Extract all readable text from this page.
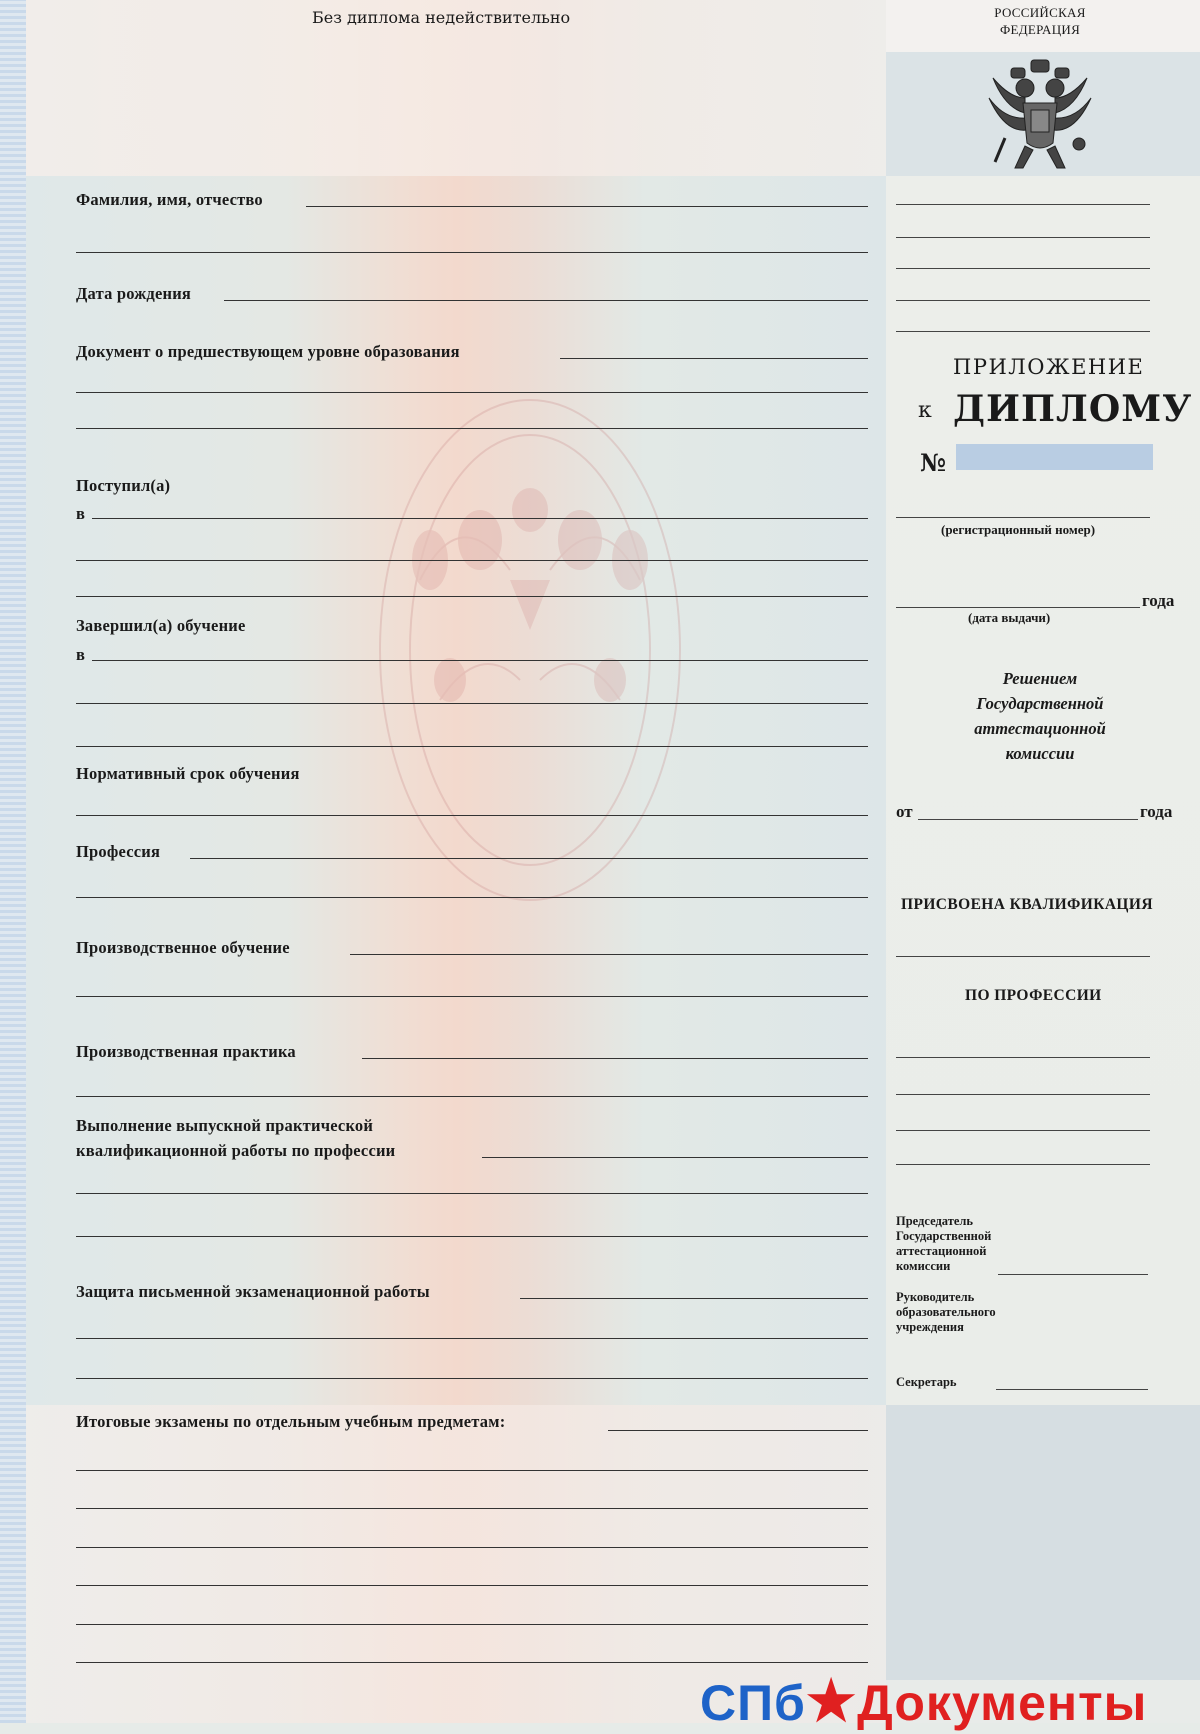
Без диплома недействительно	РОССИЙСКАЯ
ФЕДЕРАЦИЯ
Фамилия, имя, отчество
Дата рождения
Документ о предшествующем уровне образования
Поступил(а)
в
Завершил(а) обучение
в
Нормативный срок обучения
Профессия
Производственное обучение
Производственная практика
Выполнение выпускной практической
квалификационной работы по профессии
Защита письменной экзаменационной работы
Итоговые экзамены по отдельным учебным предметам:
ПРИЛОЖЕНИЕ
к ДИПЛОМУ
№
(регистрационный номер)
года
(дата выдачи)
Решением
Государственной
аттестационной
комиссии
от	года
ПРИСВОЕНА КВАЛИФИКАЦИЯ
ПО ПРОФЕССИИ
Председатель
Государственной
аттестационной
комиссии
Руководитель
образовательного
учреждения
Секретарь
СПб★Документы
